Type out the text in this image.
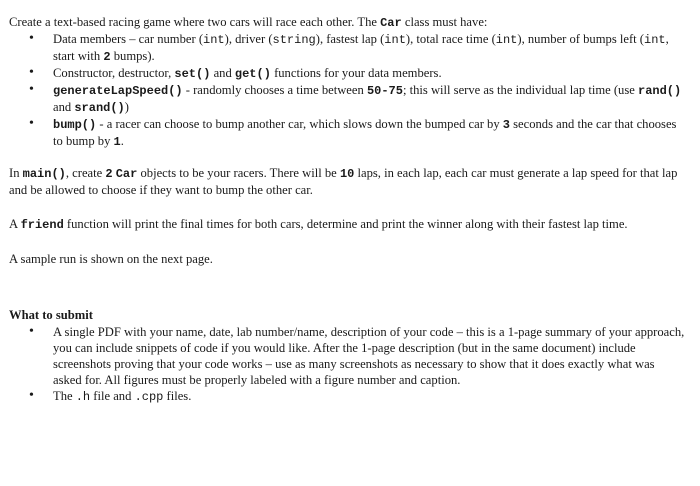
Create a text-based racing game where two cars will race each other. The Car class must have:

• Data members – car number (int), driver (string), fastest lap (int), total race time (int), number of bumps left (int, start with 2 bumps).
• Constructor, destructor, set() and get() functions for your data members.
• generateLapSpeed() - randomly chooses a time between 50-75; this will serve as the individual lap time (use rand() and srand())
• bump() - a racer can choose to bump another car, which slows down the bumped car by 3 seconds and the car that chooses to bump by 1.

In main(), create 2 Car objects to be your racers. There will be 10 laps, in each lap, each car must generate a lap speed for that lap and be allowed to choose if they want to bump the other car.

A friend function will print the final times for both cars, determine and print the winner along with their fastest lap time.

A sample run is shown on the next page.

What to submit
• A single PDF with your name, date, lab number/name, description of your code – this is a 1-page summary of your approach, you can include snippets of code if you would like. After the 1-page description (but in the same document) include screenshots proving that your code works – use as many screenshots as necessary to show that it does exactly what was asked for. All figures must be properly labeled with a figure number and caption.
• The .h file and .cpp files.
